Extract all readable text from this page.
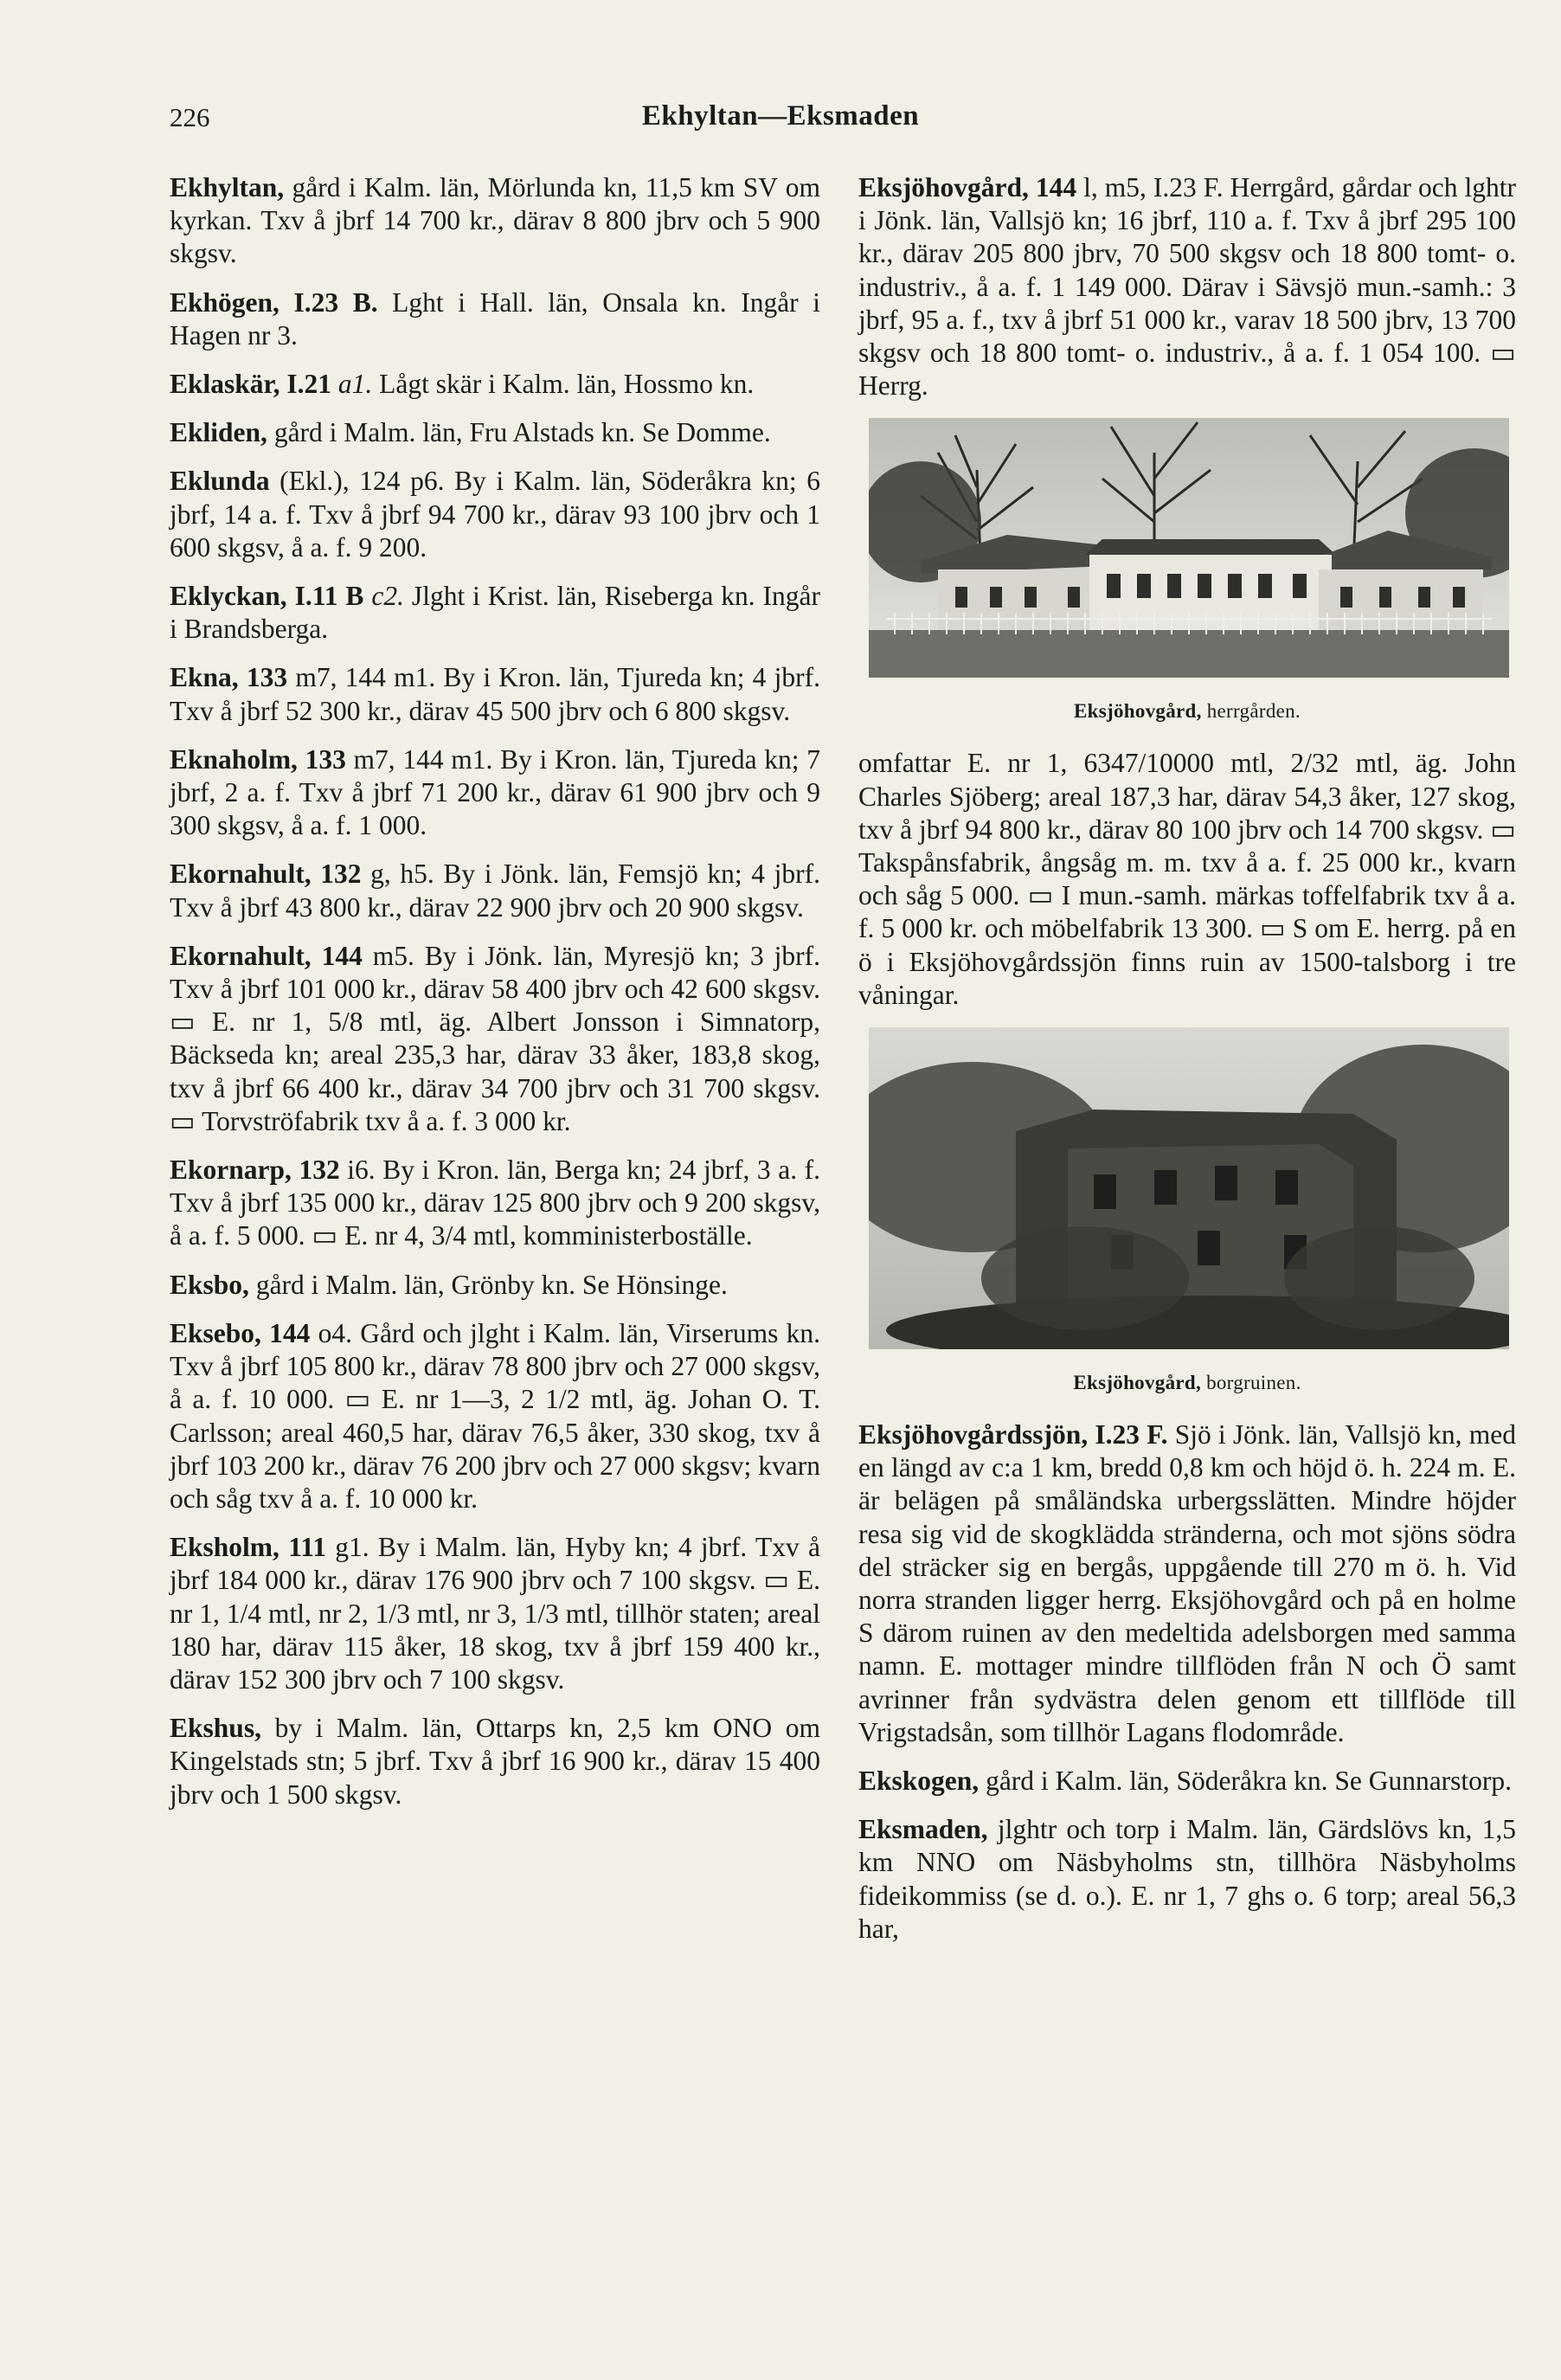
226	Ekhyltan—Eksmaden

Ekhyltan, gård i Kalm. län, Mörlunda kn, 11,5 km SV om kyrkan. Txv å jbrf 14 700 kr., därav 8 800 jbrv och 5 900 skgsv.

Ekhögen, I.23 B. Lght i Hall. län, Onsala kn. Ingår i Hagen nr 3.

Eklaskär, I.21 a1. Lågt skär i Kalm. län, Hossmo kn.

Ekliden, gård i Malm. län, Fru Alstads kn. Se Domme.

Eklunda (Ekl.), 124 p6. By i Kalm. län, Söderåkra kn; 6 jbrf, 14 a. f. Txv å jbrf 94 700 kr., därav 93 100 jbrv och 1 600 skgsv, å a. f. 9 200.

Eklyckan, I.11 B c2. Jlght i Krist. län, Riseberga kn. Ingår i Brandsberga.

Ekna, 133 m7, 144 m1. By i Kron. län, Tjureda kn; 4 jbrf. Txv å jbrf 52 300 kr., därav 45 500 jbrv och 6 800 skgsv.

Eknaholm, 133 m7, 144 m1. By i Kron. län, Tjureda kn; 7 jbrf, 2 a. f. Txv å jbrf 71 200 kr., därav 61 900 jbrv och 9 300 skgsv, å a. f. 1 000.

Ekornahult, 132 g, h5. By i Jönk. län, Femsjö kn; 4 jbrf. Txv å jbrf 43 800 kr., därav 22 900 jbrv och 20 900 skgsv.

Ekornahult, 144 m5. By i Jönk. län, Myresjö kn; 3 jbrf. Txv å jbrf 101 000 kr., därav 58 400 jbrv och 42 600 skgsv. ▭ E. nr 1, 5/8 mtl, äg. Albert Jonsson i Simnatorp, Bäckseda kn; areal 235,3 har, därav 33 åker, 183,8 skog, txv å jbrf 66 400 kr., därav 34 700 jbrv och 31 700 skgsv. ▭ Torvströfabrik txv å a. f. 3 000 kr.

Ekornarp, 132 i6. By i Kron. län, Berga kn; 24 jbrf, 3 a. f. Txv å jbrf 135 000 kr., därav 125 800 jbrv och 9 200 skgsv, å a. f. 5 000. ▭ E. nr 4, 3/4 mtl, komministerboställe.

Eksbo, gård i Malm. län, Grönby kn. Se Hönsinge.

Eksebo, 144 o4. Gård och jlght i Kalm. län, Virserums kn. Txv å jbrf 105 800 kr., därav 78 800 jbrv och 27 000 skgsv, å a. f. 10 000. ▭ E. nr 1—3, 2 1/2 mtl, äg. Johan O. T. Carlsson; areal 460,5 har, därav 76,5 åker, 330 skog, txv å jbrf 103 200 kr., därav 76 200 jbrv och 27 000 skgsv; kvarn och såg txv å a. f. 10 000 kr.

Eksholm, 111 g1. By i Malm. län, Hyby kn; 4 jbrf. Txv å jbrf 184 000 kr., därav 176 900 jbrv och 7 100 skgsv. ▭ E. nr 1, 1/4 mtl, nr 2, 1/3 mtl, nr 3, 1/3 mtl, tillhör staten; areal 180 har, därav 115 åker, 18 skog, txv å jbrf 159 400 kr., därav 152 300 jbrv och 7 100 skgsv.

Ekshus, by i Malm. län, Ottarps kn, 2,5 km ONO om Kingelstads stn; 5 jbrf. Txv å jbrf 16 900 kr., därav 15 400 jbrv och 1 500 skgsv.

Eksjöhovgård, 144 l, m5, I.23 F. Herrgård, gårdar och lghtr i Jönk. län, Vallsjö kn; 16 jbrf, 110 a. f. Txv å jbrf 295 100 kr., därav 205 800 jbrv, 70 500 skgsv och 18 800 tomt- o. industriv., å a. f. 1 149 000. Därav i Sävsjö mun.-samh.: 3 jbrf, 95 a. f., txv å jbrf 51 000 kr., varav 18 500 jbrv, 13 700 skgsv och 18 800 tomt- o. industriv., å a. f. 1 054 100. ▭ Herrg.

Eksjöhovgård, herrgården.

omfattar E. nr 1, 6347/10000 mtl, 2/32 mtl, äg. John Charles Sjöberg; areal 187,3 har, därav 54,3 åker, 127 skog, txv å jbrf 94 800 kr., därav 80 100 jbrv och 14 700 skgsv. ▭ Takspånsfabrik, ångsåg m. m. txv å a. f. 25 000 kr., kvarn och såg 5 000. ▭ I mun.-samh. märkas toffelfabrik txv å a. f. 5 000 kr. och möbelfabrik 13 300. ▭ S om E. herrg. på en ö i Eksjöhovgårdssjön finns ruin av 1500-talsborg i tre våningar.

Eksjöhovgård, borgruinen.

Eksjöhovgårdssjön, I.23 F. Sjö i Jönk. län, Vallsjö kn, med en längd av c:a 1 km, bredd 0,8 km och höjd ö. h. 224 m. E. är belägen på småländska urbergsslätten. Mindre höjder resa sig vid de skogklädda stränderna, och mot sjöns södra del sträcker sig en bergås, uppgående till 270 m ö. h. Vid norra stranden ligger herrg. Eksjöhovgård och på en holme S därom ruinen av den medeltida adelsborgen med samma namn. E. mottager mindre tillflöden från N och Ö samt avrinner från sydvästra delen genom ett tillflöde till Vrigstadsån, som tillhör Lagans flodområde.

Ekskogen, gård i Kalm. län, Söderåkra kn. Se Gunnarstorp.

Eksmaden, jlghtr och torp i Malm. län, Gärdslövs kn, 1,5 km NNO om Näsbyholms stn, tillhöra Näsbyholms fideikommiss (se d. o.). E. nr 1, 7 ghs o. 6 torp; areal 56,3 har,
